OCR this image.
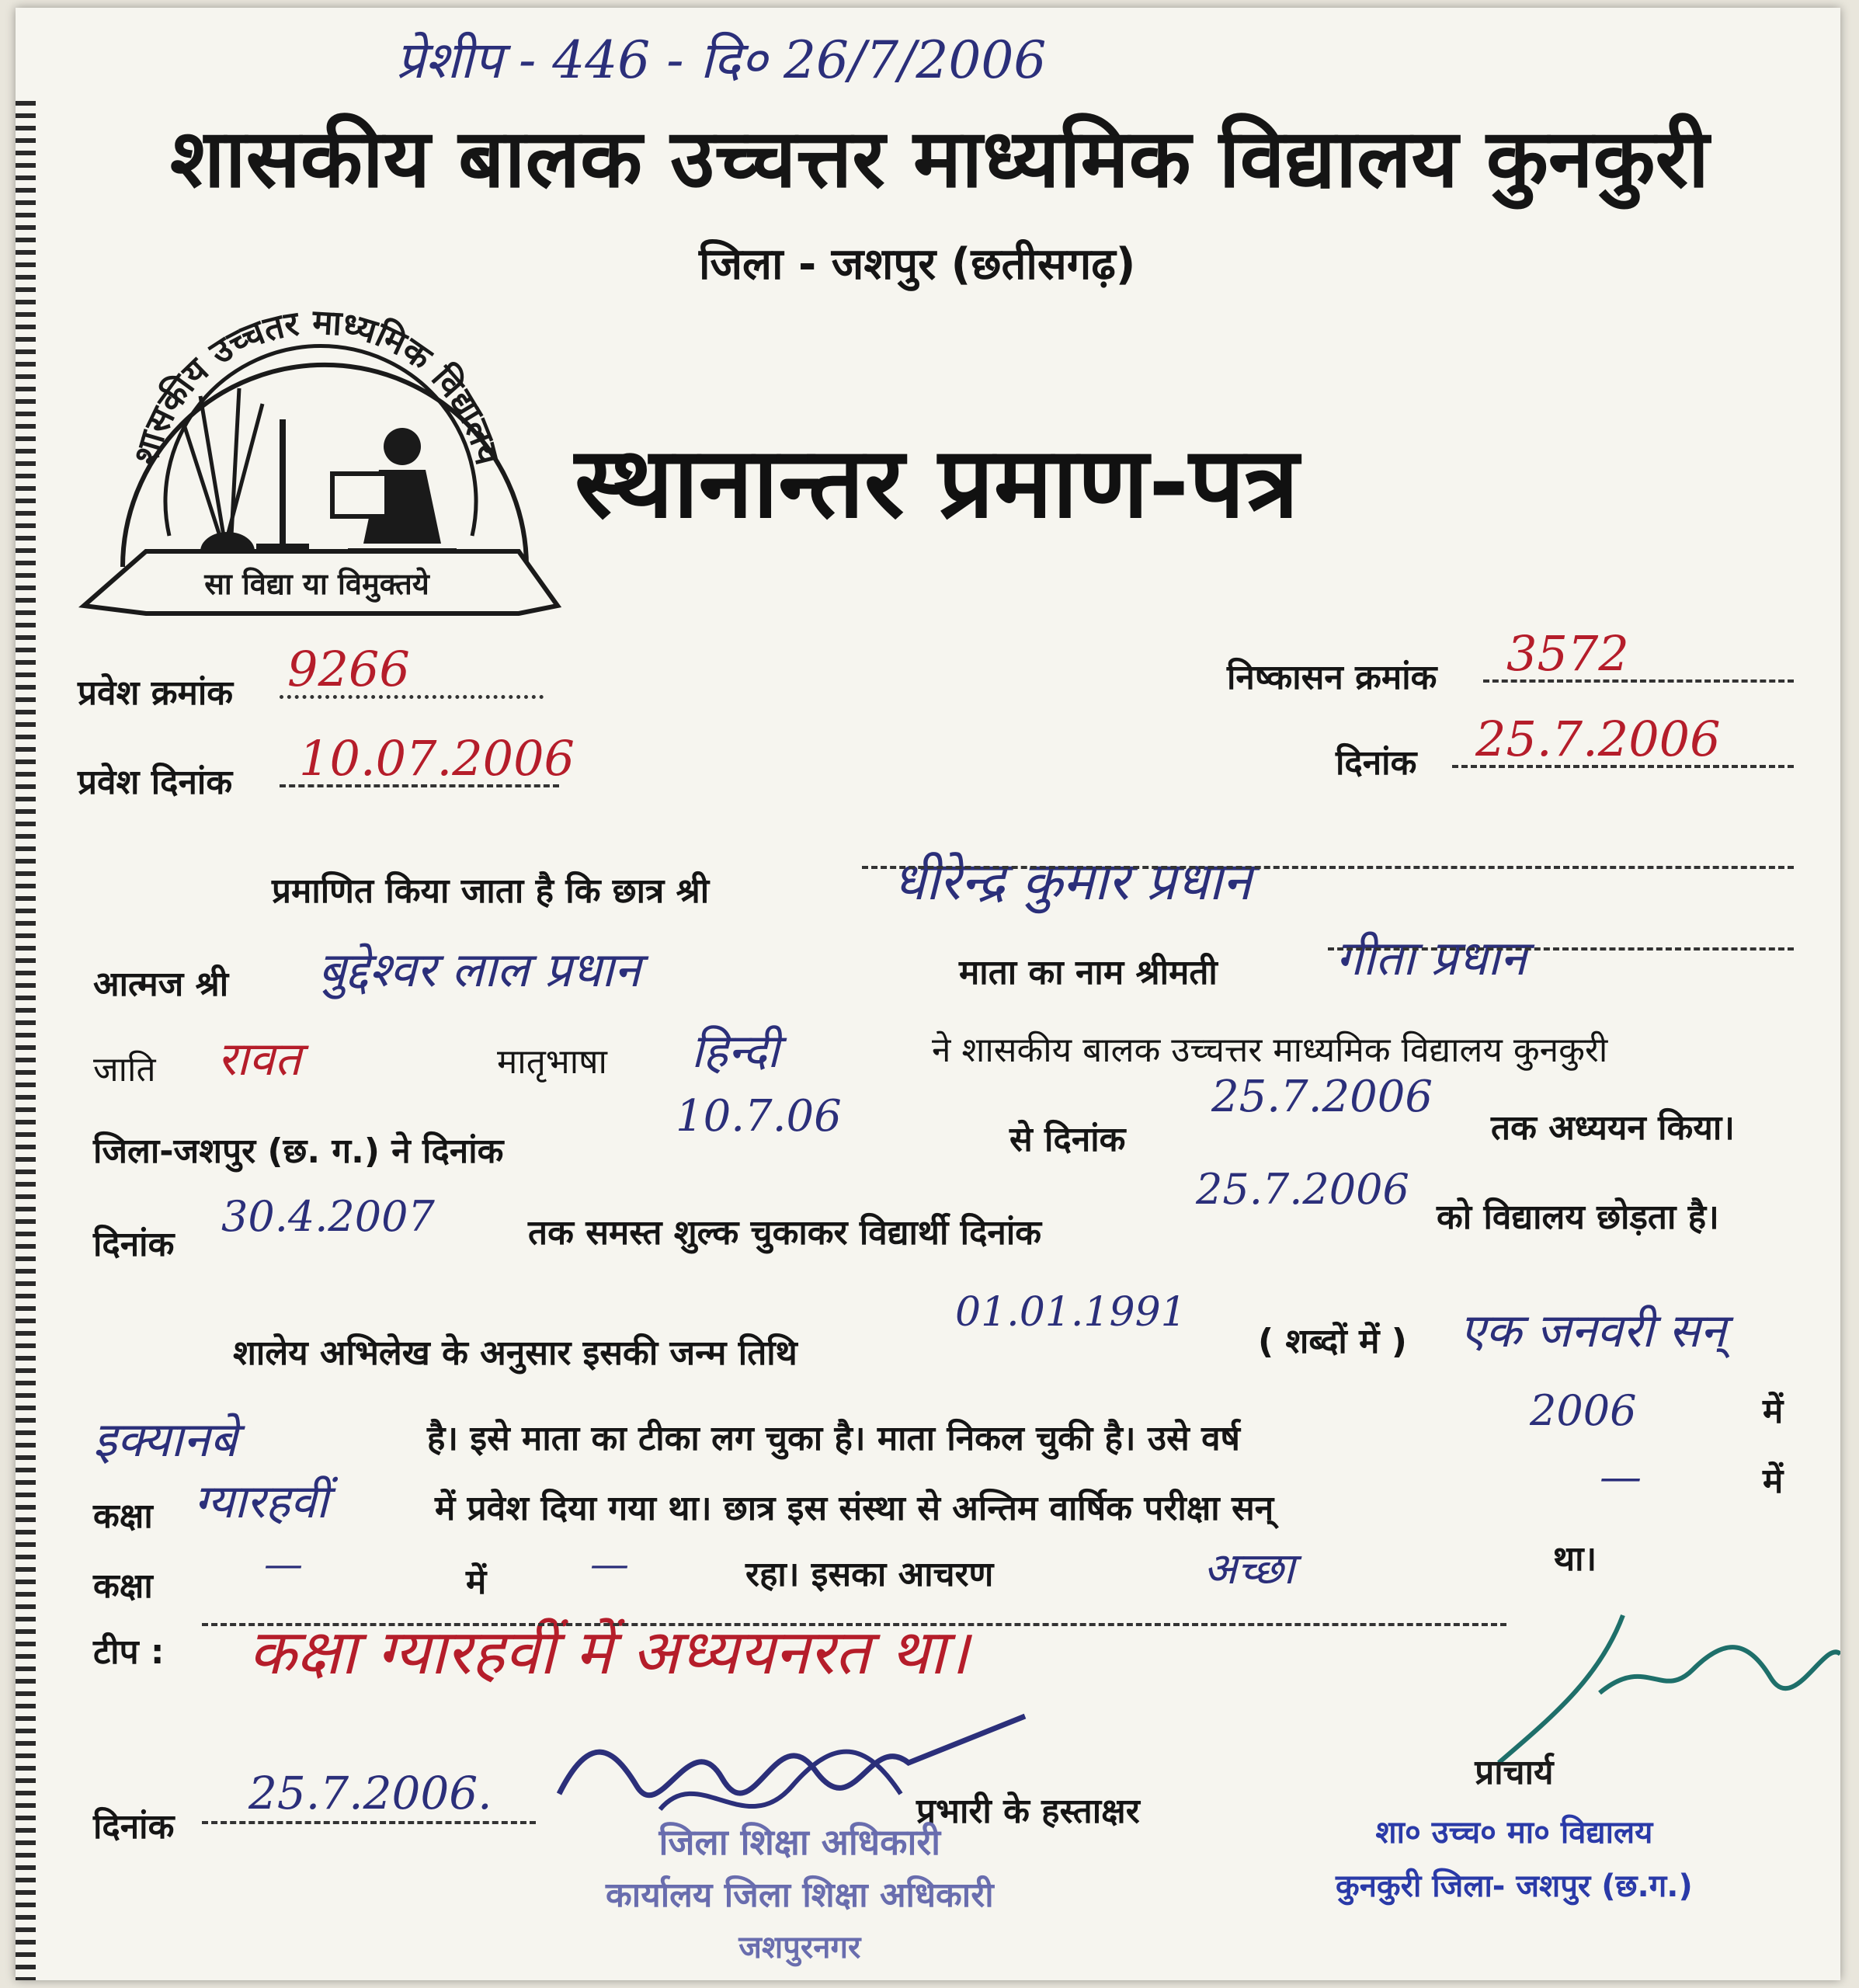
प्रेशीप - 446 - दि० 26/7/2006
शासकीय बालक उच्चत्तर माध्यमिक विद्यालय कुनकुरी
जिला - जशपुर (छतीसगढ़)
शासकीय उच्चतर माध्यमिक विद्यालय
सा विद्या या विमुक्तये
स्थानान्तर प्रमाण-पत्र
प्रवेश क्रमांक 9266
प्रवेश दिनांक 10.07.2006
निष्कासन क्रमांक 3572
दिनांक 25.7.2006
प्रमाणित किया जाता है कि छात्र श्री	धीरेन्द्र कुमार प्रधान
आत्मज श्री बुद्देश्वर लाल प्रधान	माता का नाम श्रीमती गीता प्रधान
जाति रावत	मातृभाषा हिन्दी	ने शासकीय बालक उच्चत्तर माध्यमिक विद्यालय कुनकुरी
जिला-जशपुर (छ. ग.) ने दिनांक
10.7.06	से दिनांक
25.7.2006
तक अध्ययन किया।
दिनांक
30.4.2007	तक समस्त शुल्क चुकाकर विद्यार्थी दिनांक
25.7.2006
को विद्यालय छोड़ता है।
शालेय अभिलेख के अनुसार इसकी जन्म तिथि
01.01.1991
( शब्दों में ) एक जनवरी सन्
इक्यानबे	है। इसे माता का टीका लग चुका है। माता निकल चुकी है। उसे वर्ष
2006	में
कक्षा ग्यारहवीं	में प्रवेश दिया गया था। छात्र इस संस्था से अन्तिम वार्षिक परीक्षा सन्
—	में
कक्षा	—	में	—	रहा। इसका आचरण	अच्छा	था।
टीप : कक्षा ग्यारहवीं में अध्ययनरत था।
दिनांक
25.7.2006.	प्रभारी के हस्ताक्षर
प्राचार्य
शा० उच्च० मा० विद्यालय
कुनकुरी जिला- जशपुर (छ.ग.)
जिला शिक्षा अधिकारी
कार्यालय जिला शिक्षा अधिकारी
जशपुरनगर
